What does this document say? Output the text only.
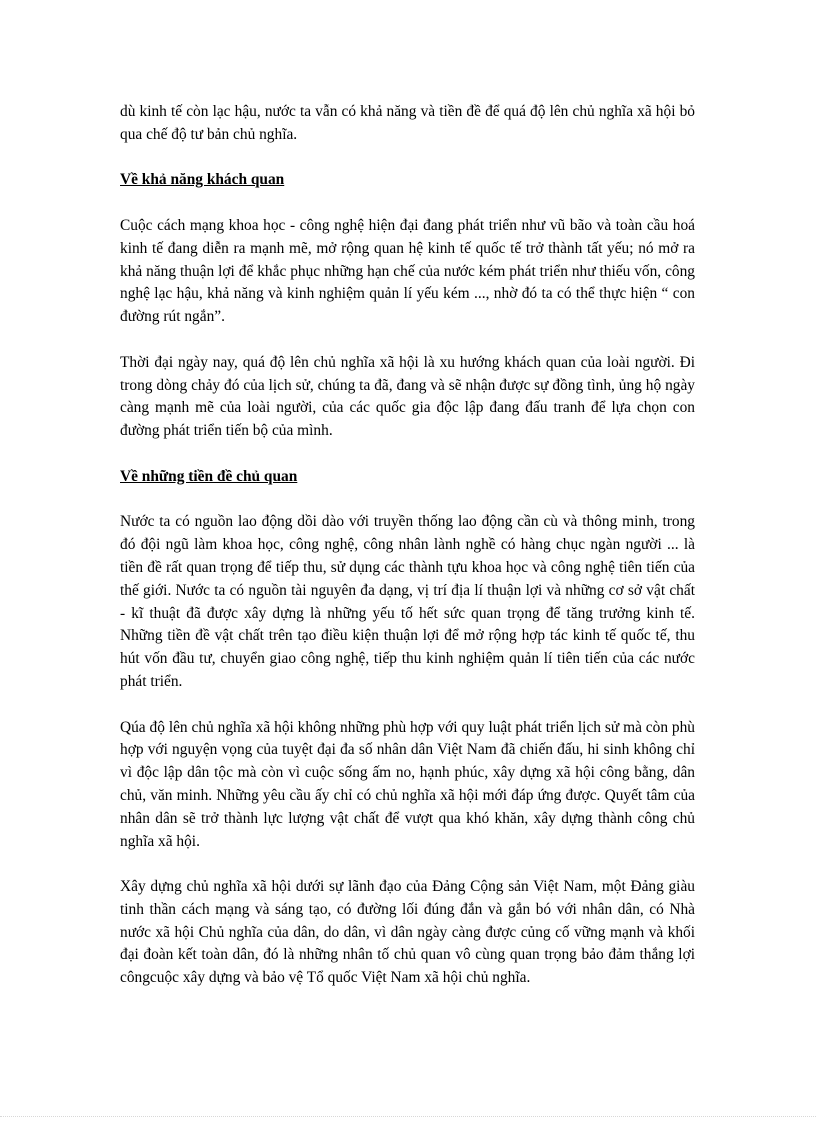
dù kinh tế còn lạc hậu, nước ta vẫn có khả năng và tiền đề để quá độ lên chủ nghĩa xã hội bỏ qua chế độ tư bản chủ nghĩa.

Về khả năng khách quan

Cuộc cách mạng khoa học - công nghệ hiện đại đang phát triển như vũ bão và toàn cầu hoá kinh tế đang diễn ra mạnh mẽ, mở rộng quan hệ kinh tế quốc tế trở thành tất yếu; nó mở ra khả năng thuận lợi để khắc phục những hạn chế của nước kém phát triển như thiếu vốn, công nghệ lạc hậu, khả năng và kinh nghiệm quản lí yếu kém ..., nhờ đó ta có thể thực hiện “ con đường rút ngắn”.

Thời đại ngày nay, quá độ lên chủ nghĩa xã hội là xu hướng khách quan của loài người. Đi trong dòng chảy đó của lịch sử, chúng ta đã, đang và sẽ nhận được sự đồng tình, ủng hộ ngày càng mạnh mẽ của loài người, của các quốc gia độc lập đang đấu tranh để lựa chọn con đường phát triển tiến bộ của mình.

Về những tiền đề chủ quan

Nước ta có nguồn lao động dồi dào với truyền thống lao động cần cù và thông minh, trong đó đội ngũ làm khoa học, công nghệ, công nhân lành nghề có hàng chục ngàn người ... là tiền đề rất quan trọng để tiếp thu, sử dụng các thành tựu khoa học và công nghệ tiên tiến của thế giới. Nước ta có nguồn tài nguyên đa dạng, vị trí địa lí thuận lợi và những cơ sở vật chất - kĩ thuật đã được xây dựng là những yếu tố hết sức quan trọng để tăng trưởng kinh tế. Những tiền đề vật chất trên tạo điều kiện thuận lợi để mở rộng hợp tác kinh tế quốc tế, thu hút vốn đầu tư, chuyển giao công nghệ, tiếp thu kinh nghiệm quản lí tiên tiến của các nước phát triển.

Qúa độ lên chủ nghĩa xã hội không những phù hợp với quy luật phát triển lịch sử mà còn phù hợp với nguyện vọng của tuyệt đại đa số nhân dân Việt Nam đã chiến đấu, hi sinh không chỉ vì độc lập dân tộc mà còn vì cuộc sống ấm no, hạnh phúc, xây dựng xã hội công bằng, dân chủ, văn minh. Những yêu cầu ấy chỉ có chủ nghĩa xã hội mới đáp ứng được. Quyết tâm của nhân dân sẽ trở thành lực lượng vật chất để vượt qua khó khăn, xây dựng thành công chủ nghĩa xã hội.

Xây dựng chủ nghĩa xã hội dưới sự lãnh đạo của Đảng Cộng sản Việt Nam, một Đảng giàu tinh thần cách mạng và sáng tạo, có đường lối đúng đắn và gắn bó với nhân dân, có Nhà nước xã hội Chủ nghĩa của dân, do dân, vì dân ngày càng được củng cố vững mạnh và khối đại đoàn kết toàn dân, đó là những nhân tố chủ quan vô cùng quan trọng bảo đảm thắng lợi côngcuộc xây dựng và bảo vệ Tổ quốc Việt Nam xã hội chủ nghĩa.
